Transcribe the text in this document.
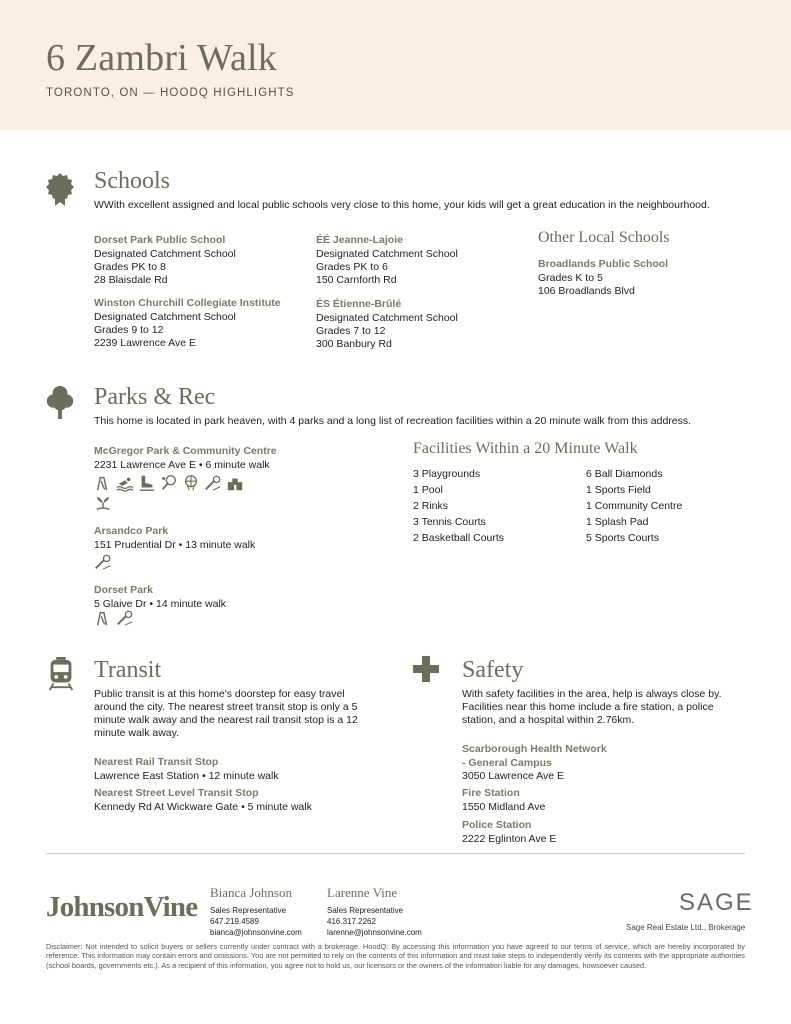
6 Zambri Walk
TORONTO, ON — HOODQ HIGHLIGHTS
Schools
WWith excellent assigned and local public schools very close to this home, your kids will get a great education in the neighbourhood.
Dorset Park Public School
Designated Catchment School
Grades PK to 8
28 Blaisdale Rd
ÉÉ Jeanne-Lajoie
Designated Catchment School
Grades PK to 6
150 Carnforth Rd
Winston Churchill Collegiate Institute
Designated Catchment School
Grades 9 to 12
2239 Lawrence Ave E
ÉS Étienne-Brûlé
Designated Catchment School
Grades 7 to 12
300 Banbury Rd
Other Local Schools
Broadlands Public School
Grades K to 5
106 Broadlands Blvd
Parks & Rec
This home is located in park heaven, with 4 parks and a long list of recreation facilities within a 20 minute walk from this address.
McGregor Park & Community Centre
2231 Lawrence Ave E • 6 minute walk
Arsandco Park
151 Prudential Dr • 13 minute walk
Dorset Park
5 Glaive Dr • 14 minute walk
Facilities Within a 20 Minute Walk
3 Playgrounds
1 Pool
2 Rinks
3 Tennis Courts
2 Basketball Courts
6 Ball Diamonds
1 Sports Field
1 Community Centre
1 Splash Pad
5 Sports Courts
Transit
Public transit is at this home's doorstep for easy travel around the city. The nearest street transit stop is only a 5 minute walk away and the nearest rail transit stop is a 12 minute walk away.
Nearest Rail Transit Stop
Lawrence East Station • 12 minute walk
Nearest Street Level Transit Stop
Kennedy Rd At Wickware Gate • 5 minute walk
Safety
With safety facilities in the area, help is always close by. Facilities near this home include a fire station, a police station, and a hospital within 2.76km.
Scarborough Health Network
- General Campus
3050 Lawrence Ave E
Fire Station
1550 Midland Ave
Police Station
2222 Eglinton Ave E
JohnsonVine Bianca Johnson
Sales Representative
647.219.4589
bianca@johnsonvine.com
Larenne Vine
Sales Representative
416.317.2262
larenne@johnsonvine.com
SAGE
Sage Real Estate Ltd., Brokerage
Disclaimer: Not intended to solicit buyers or sellers currently under contract with a brokerage. HoodQ: By accessing this information you have agreed to our terms of service, which are hereby incorporated by reference. This information may contain errors and omissions. You are not permitted to rely on the contents of this information and must take steps to independently verify its contents with the appropriate authorities (school boards, governments etc.). As a recipient of this information, you agree not to hold us, our licensors or the owners of the information liable for any damages, howsoever caused.
